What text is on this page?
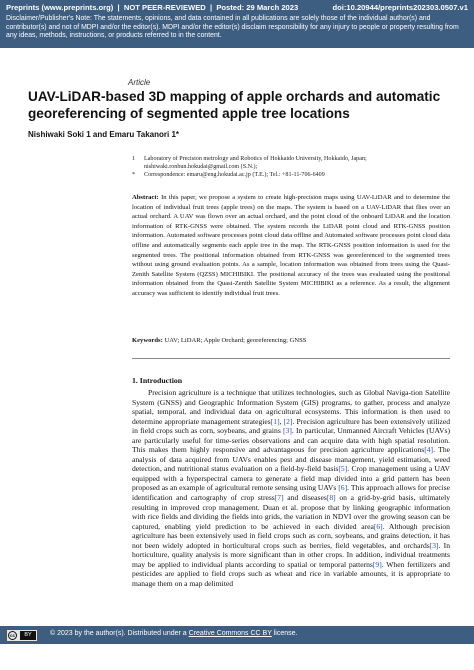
Preprints (www.preprints.org)  |  NOT PEER-REVIEWED  |  Posted: 29 March 2023	doi:10.20944/preprints202303.0507.v1
Disclaimer/Publisher's Note: The statements, opinions, and data contained in all publications are solely those of the individual author(s) and contributor(s) and not of MDPI and/or the editor(s). MDPI and/or the editor(s) disclaim responsibility for any injury to people or property resulting from any ideas, methods, instructions, or products referred to in the content.
Article
UAV-LiDAR-based 3D mapping of apple orchards and automatic georeferencing of segmented apple tree locations
Nishiwaki Soki 1 and Emaru Takanori 1*
1 Laboratory of Precision metrology and Robotics of Hokkaido University, Hokkaido, Japan;
nishiwaki.ronbun.hokudai@gmail.com (S.N.);
* Correspondence: emaru@eng.hokudai.ac.jp (T.E.); Tel.: +81-11-706-6409
Abstract: In this paper, we propose a system to create high-precision maps using UAV-LiDAR and to determine the location of individual fruit trees (apple trees) on the maps. The system is based on a UAV-LiDAR that flies over an actual orchard. A UAV was flown over an actual orchard, and the point cloud of the onboard LiDAR and the location information of RTK-GNSS were obtained. The system records the LiDAR point cloud and RTK-GNSS position information. Automated software processes point cloud data offline and Automated software processes point cloud data offline and automatically segments each apple tree in the map. The RTK-GNSS position information is used for the segmented trees. The positional information obtained from RTK-GNSS was georeferenced to the segmented trees without using ground evaluation points. As a sample, location information was obtained from trees using the Quasi-Zenith Satellite System (QZSS) MICHIBIKI. The positional accuracy of the trees was evaluated using the positional information obtained from the Quasi-Zenith Satellite System MICHIBIKI as a reference. As a result, the alignment accuracy was sufficient to identify individual fruit trees.
Keywords: UAV; LiDAR; Apple Orchard; georeferencing; GNSS
1. Introduction

Precision agriculture is a technique that utilizes technologies, such as Global Naviga-tion Satellite System (GNSS) and Geographic Information System (GIS) programs, to gather, process and analyze spatial, temporal, and individual data on agricultural ecosystems. This information is then used to determine appropriate management strategies[1], [2]. Precision agriculture has been extensively utilized in field crops such as corn, soybeans, and grains [3]. In particular, Unmanned Aircraft Vehicles (UAVs) are particularly useful for time-series observations and can acquire data with high spatial resolution. This makes them highly responsive and advantageous for precision agriculture applications[4]. The analysis of data acquired from UAVs enables pest and disease management, yield estimation, weed detection, and nutritional status evaluation on a field-by-field basis[5]. Crop management using a UAV equipped with a hyperspectral camera to generate a field map divided into a grid pattern has been proposed as an example of agricultural remote sensing using UAVs [6]. This approach allows for precise identification and cartography of crop stress[7] and diseases[8] on a grid-by-grid basis, ultimately resulting in improved crop management. Duan et al. propose that by linking geographic information with rice fields and dividing the fields into grids, the variation in NDVI over the growing season can be captured, enabling yield prediction to be achieved in each divided area[6]. Although precision agriculture has been extensively used in field crops such as corn, soybeans, and grains detection, it has not been widely adopted in horticultural crops such as berries, field vegetables, and orchards[3]. In horticulture, quality analysis is more significant than in other crops. In addition, individual treatments may be applied to individual plants according to spatial or temporal patterns[9]. When fertilizers and pesticides are applied to field crops such as wheat and rice in variable amounts, it is appropriate to manage them on a map delimited

cc	BY	© 2023 by the author(s). Distributed under a Creative Commons CC BY license.
